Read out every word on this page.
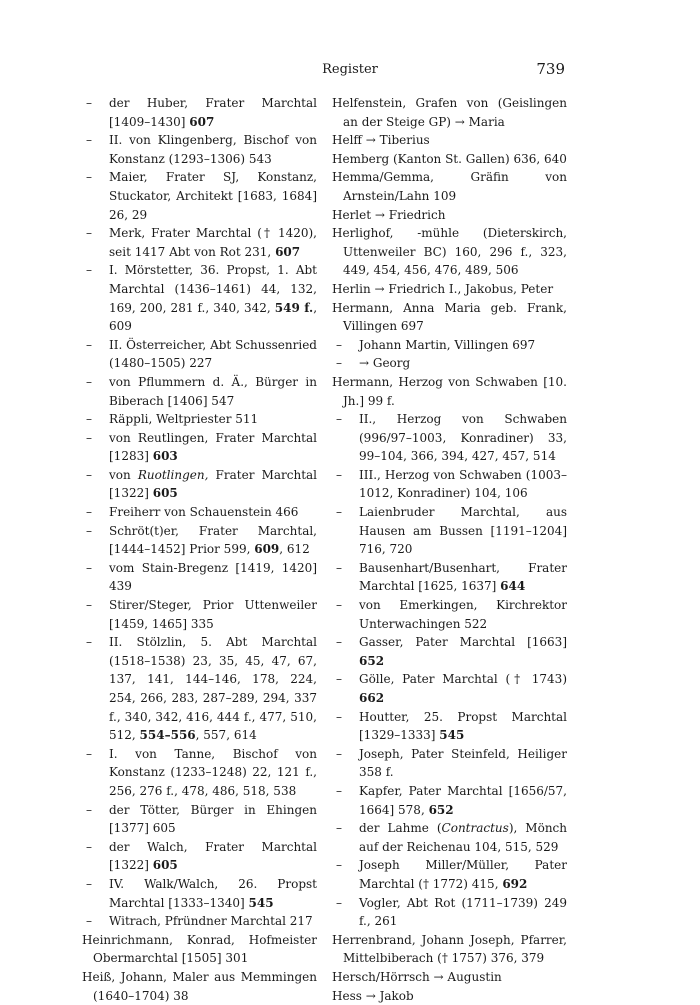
Register	739
–	der Huber, Frater Marchtal [1409–1430] 607
–	II. von Klingenberg, Bischof von Konstanz (1293–1306) 543
–	Maier, Frater SJ, Konstanz, Stuckator, Architekt [1683, 1684] 26, 29
–	Merk, Frater Marchtal († 1420), seit 1417 Abt von Rot 231, 607
–	I. Mörstetter, 36. Propst, 1. Abt Marchtal (1436–1461) 44, 132, 169, 200, 281 f., 340, 342, 549 f., 609
–	II. Österreicher, Abt Schussenried (1480–1505) 227
–	von Pflummern d. Ä., Bürger in Biberach [1406] 547
–	Räppli, Weltpriester 511
–	von Reutlingen, Frater Marchtal [1283] 603
–	von Ruotlingen, Frater Marchtal [1322] 605
–	Freiherr von Schauenstein 466
–	Schröt(t)er, Frater Marchtal, [1444–1452] Prior 599, 609, 612
–	vom Stain-Bregenz [1419, 1420] 439
–	Stirer/Steger, Prior Uttenweiler [1459, 1465] 335
–	II. Stölzlin, 5. Abt Marchtal (1518–1538) 23, 35, 45, 47, 67, 137, 141, 144–146, 178, 224, 254, 266, 283, 287–289, 294, 337 f., 340, 342, 416, 444 f., 477, 510, 512, 554–556, 557, 614
–	I. von Tanne, Bischof von Konstanz (1233–1248) 22, 121 f., 256, 276 f., 478, 486, 518, 538
–	der Tötter, Bürger in Ehingen [1377] 605
–	der Walch, Frater Marchtal [1322] 605
–	IV. Walk/Walch, 26. Propst Marchtal [1333–1340] 545
–	Witrach, Pfründner Marchtal 217
Heinrichmann, Konrad, Hofmeister Obermarchtal [1505] 301
Heiß, Johann, Maler aus Memmingen (1640–1704) 38
Helfenstein, Grafen von (Geislingen an der Steige GP) → Maria
Helff → Tiberius
Hemberg (Kanton St. Gallen) 636, 640
Hemma/Gemma, Gräfin von Arnstein/Lahn 109
Herlet → Friedrich
Herlighof, -mühle (Dieterskirch, Uttenweiler BC) 160, 296 f., 323, 449, 454, 456, 476, 489, 506
Herlin → Friedrich I., Jakobus, Peter
Hermann, Anna Maria geb. Frank, Villingen 697
–	Johann Martin, Villingen 697
–	→ Georg
Hermann, Herzog von Schwaben [10. Jh.] 99 f.
–	II., Herzog von Schwaben (996/97–1003, Konradiner) 33, 99–104, 366, 394, 427, 457, 514
–	III., Herzog von Schwaben (1003–1012, Konradiner) 104, 106
–	Laienbruder Marchtal, aus Hausen am Bussen [1191–1204] 716, 720
–	Bausenhart/Busenhart, Frater Marchtal [1625, 1637] 644
–	von Emerkingen, Kirchrektor Unterwachingen 522
–	Gasser, Pater Marchtal [1663] 652
–	Gölle, Pater Marchtal († 1743) 662
–	Houtter, 25. Propst Marchtal [1329–1333] 545
–	Joseph, Pater Steinfeld, Heiliger 358 f.
–	Kapfer, Pater Marchtal [1656/57, 1664] 578, 652
–	der Lahme (Contractus), Mönch auf der Reichenau 104, 515, 529
–	Joseph Miller/Müller, Pater Marchtal († 1772) 415, 692
–	Vogler, Abt Rot (1711–1739) 249 f., 261
Herrenbrand, Johann Joseph, Pfarrer, Mittelbiberach († 1757) 376, 379
Hersch/Hörrsch → Augustin
Hess → Jakob
